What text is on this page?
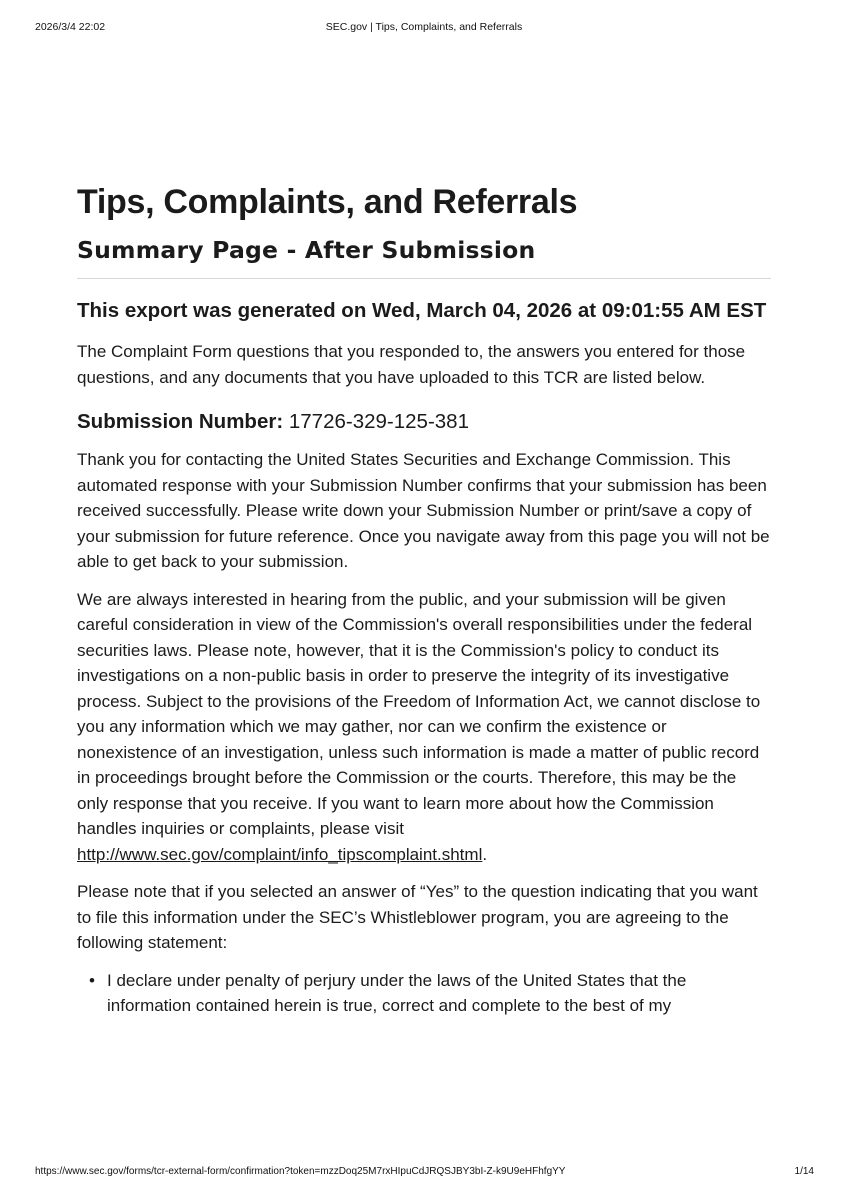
2026/3/4 22:02	SEC.gov | Tips, Complaints, and Referrals
Tips, Complaints, and Referrals
Summary Page - After Submission
This export was generated on Wed, March 04, 2026 at 09:01:55 AM EST

The Complaint Form questions that you responded to, the answers you entered for those questions, and any documents that you have uploaded to this TCR are listed below.

Submission Number: 17726-329-125-381

Thank you for contacting the United States Securities and Exchange Commission. This automated response with your Submission Number confirms that your submission has been received successfully. Please write down your Submission Number or print/save a copy of your submission for future reference. Once you navigate away from this page you will not be able to get back to your submission.

We are always interested in hearing from the public, and your submission will be given careful consideration in view of the Commission's overall responsibilities under the federal securities laws. Please note, however, that it is the Commission's policy to conduct its investigations on a non-public basis in order to preserve the integrity of its investigative process. Subject to the provisions of the Freedom of Information Act, we cannot disclose to you any information which we may gather, nor can we confirm the existence or nonexistence of an investigation, unless such information is made a matter of public record in proceedings brought before the Commission or the courts. Therefore, this may be the only response that you receive. If you want to learn more about how the Commission handles inquiries or complaints, please visit http://www.sec.gov/complaint/info_tipscomplaint.shtml.

Please note that if you selected an answer of “Yes” to the question indicating that you want to file this information under the SEC’s Whistleblower program, you are agreeing to the following statement:

• I declare under penalty of perjury under the laws of the United States that the information contained herein is true, correct and complete to the best of my
https://www.sec.gov/forms/tcr-external-form/confirmation?token=mzzDoq25M7rxHIpuCdJRQSJBY3bI-Z-k9U9eHFhfgYY	1/14
